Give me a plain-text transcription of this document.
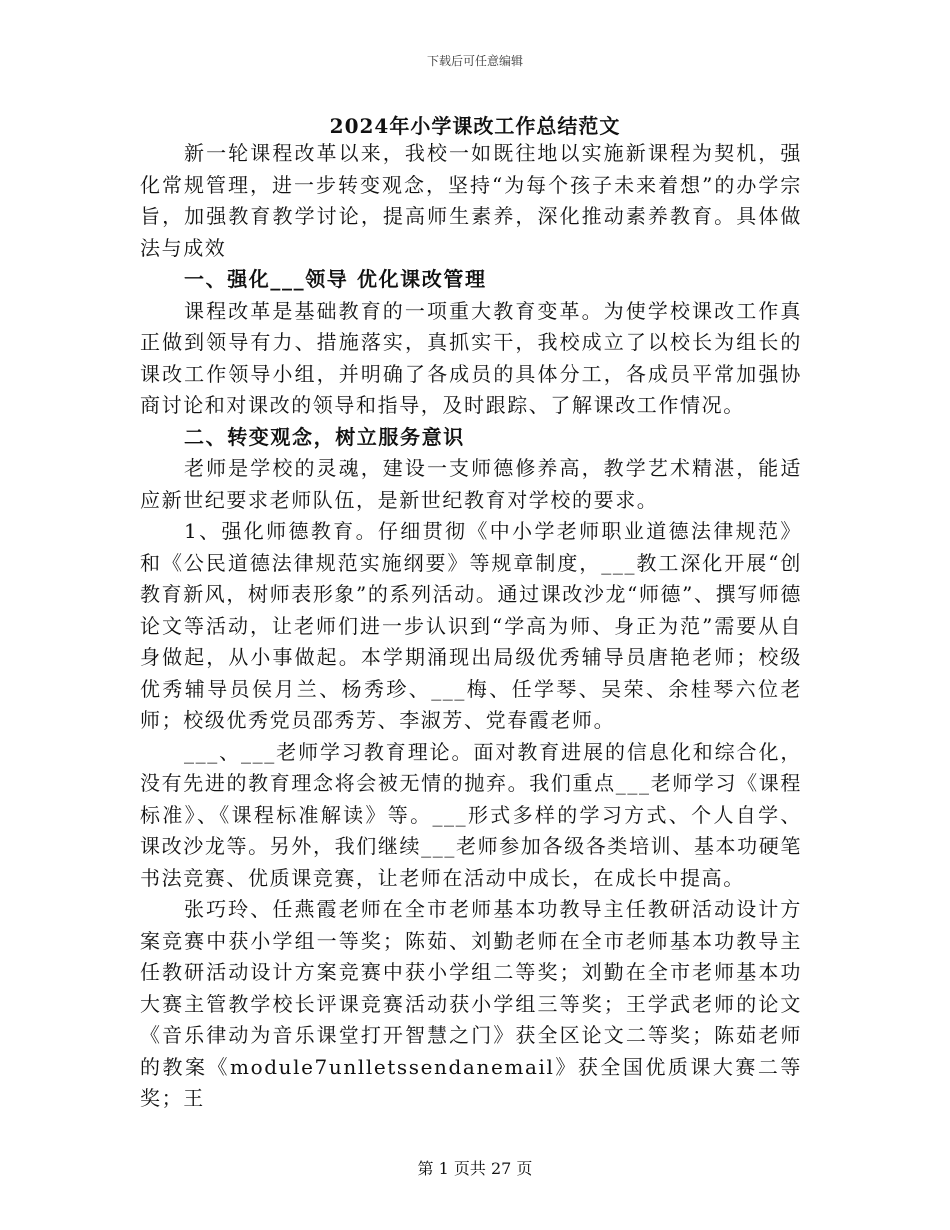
下载后可任意编辑
2024年小学课改工作总结范文

新一轮课程改革以来，我校一如既往地以实施新课程为契机，强化常规管理，进一步转变观念，坚持“为每个孩子未来着想”的办学宗旨，加强教育教学讨论，提高师生素养，深化推动素养教育。具体做法与成效

一、强化___领导 优化课改管理

课程改革是基础教育的一项重大教育变革。为使学校课改工作真正做到领导有力、措施落实，真抓实干，我校成立了以校长为组长的课改工作领导小组，并明确了各成员的具体分工，各成员平常加强协商讨论和对课改的领导和指导，及时跟踪、了解课改工作情况。

二、转变观念，树立服务意识

老师是学校的灵魂，建设一支师德修养高，教学艺术精湛，能适应新世纪要求老师队伍，是新世纪教育对学校的要求。

1、强化师德教育。仔细贯彻《中小学老师职业道德法律规范》和《公民道德法律规范实施纲要》等规章制度，___教工深化开展“创教育新风，树师表形象”的系列活动。通过课改沙龙“师德”、撰写师德论文等活动，让老师们进一步认识到“学高为师、身正为范”需要从自身做起，从小事做起。本学期涌现出局级优秀辅导员唐艳老师；校级优秀辅导员侯月兰、杨秀珍、___梅、任学琴、吴荣、余桂琴六位老师；校级优秀党员邵秀芳、李淑芳、党春霞老师。

___、___老师学习教育理论。面对教育进展的信息化和综合化，没有先进的教育理念将会被无情的抛弃。我们重点___老师学习《课程标准》、《课程标准解读》等。___形式多样的学习方式、个人自学、课改沙龙等。另外，我们继续___老师参加各级各类培训、基本功硬笔书法竞赛、优质课竞赛，让老师在活动中成长，在成长中提高。

张巧玲、任燕霞老师在全市老师基本功教导主任教研活动设计方案竞赛中获小学组一等奖；陈茹、刘勤老师在全市老师基本功教导主任教研活动设计方案竞赛中获小学组二等奖；刘勤在全市老师基本功大赛主管教学校长评课竞赛活动获小学组三等奖；王学武老师的论文《音乐律动为音乐课堂打开智慧之门》获全区论文二等奖；陈茹老师的教案《module7unlletssendanemail》获全国优质课大赛二等奖；王

第 1 页共 27 页
